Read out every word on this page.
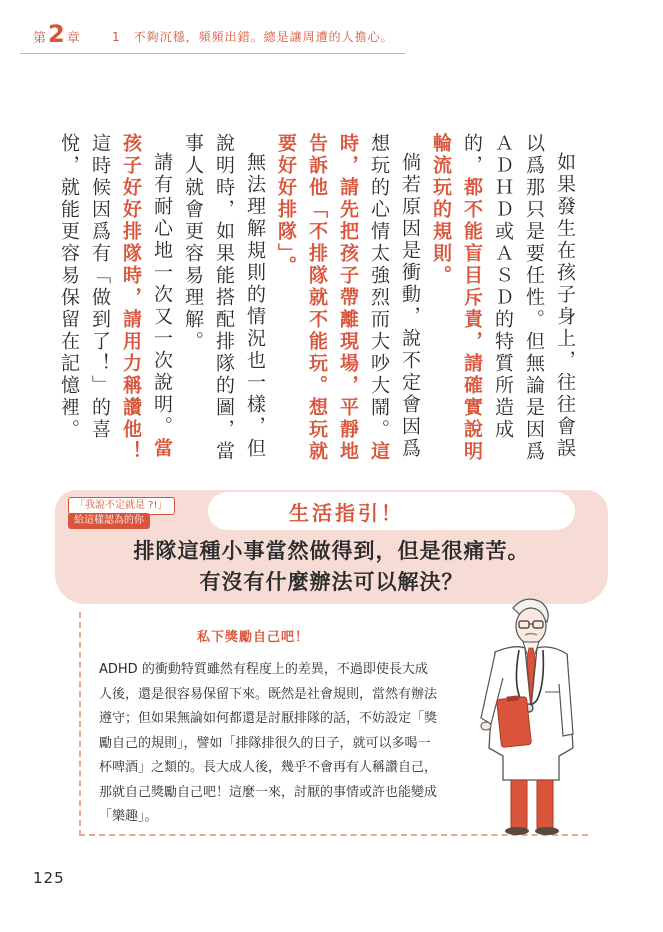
第 2 章	1　不夠沉穩，頻頻出錯。總是讓周遭的人擔心。

如果發生在孩子身上，往往會誤以爲那只是要任性。但無論是因爲ＡＤＨＤ或ＡＳＤ的特質所造成的，都不能盲目斥責，請確實說明輪流玩的規則。

倘若原因是衝動，說不定會因爲想玩的心情太強烈而大吵大鬧。這時，請先把孩子帶離現場，平靜地告訴他「不排隊就不能玩。想玩就要好好排隊」。

無法理解規則的情況也一樣，但說明時，如果能搭配排隊的圖，當事人就會更容易理解。

請有耐心地一次又一次說明。當孩子好好排隊時，請用力稱讚他！這時候因爲有「做到了！」的喜悅，就能更容易保留在記憶裡。

生活指引！
「我說不定就是 ?!」
給這樣認為的你
排隊這種小事當然做得到，但是很痛苦。
有沒有什麼辦法可以解決？
私下獎勵自己吧！
ADHD 的衝動特質雖然有程度上的差異，不過即使長大成人後，還是很容易保留下來。既然是社會規則，當然有辦法遵守；但如果無論如何都還是討厭排隊的話，不妨設定「獎勵自己的規則」，譬如「排隊排很久的日子，就可以多喝一杯啤酒」之類的。長大成人後，幾乎不會再有人稱讚自己，那就自己獎勵自己吧！這麼一來，討厭的事情或許也能變成「樂趣」。
125
